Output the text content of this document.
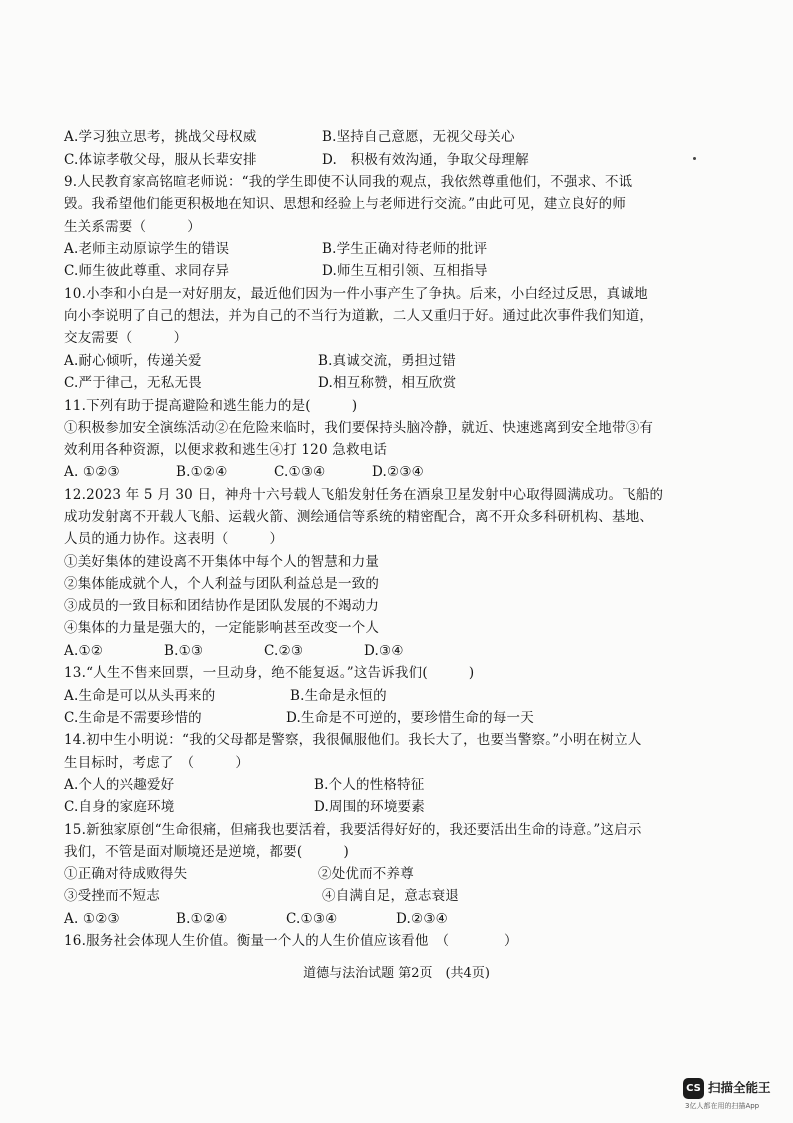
A.学习独立思考，挑战父母权威	B.坚持自己意愿，无视父母关心
C.体谅孝敬父母，服从长辈安排	D.　积极有效沟通，争取父母理解
9.人民教育家高铭暄老师说：“我的学生即使不认同我的观点，我依然尊重他们，不强求、不诋
毁。我希望他们能更积极地在知识、思想和经验上与老师进行交流。”由此可见，建立良好的师
生关系需要（　　　）
A.老师主动原谅学生的错误	B.学生正确对待老师的批评
C.师生彼此尊重、求同存异	D.师生互相引领、互相指导
10.小李和小白是一对好朋友，最近他们因为一件小事产生了争执。后来，小白经过反思，真诚地
向小李说明了自己的想法，并为自己的不当行为道歉，二人又重归于好。通过此次事件我们知道，
交友需要（　　　）
A.耐心倾听，传递关爱	B.真诚交流，勇担过错
C.严于律己，无私无畏	D.相互称赞，相互欣赏
11.下列有助于提高避险和逃生能力的是(　　　)
①积极参加安全演练活动②在危险来临时，我们要保持头脑冷静，就近、快速逃离到安全地带③有
效利用各种资源，以便求救和逃生④打 120 急救电话
A. ①②③	B.①②④	C.①③④	D.②③④
12.2023 年 5 月 30 日，神舟十六号载人飞船发射任务在酒泉卫星发射中心取得圆满成功。飞船的
成功发射离不开载人飞船、运载火箭、测绘通信等系统的精密配合，离不开众多科研机构、基地、
人员的通力协作。这表明（　　　）
①美好集体的建设离不开集体中每个人的智慧和力量
②集体能成就个人，个人利益与团队利益总是一致的
③成员的一致目标和团结协作是团队发展的不竭动力
④集体的力量是强大的，一定能影响甚至改变一个人
A.①②	B.①③	C.②③	D.③④
13.“人生不售来回票，一旦动身，绝不能复返。”这告诉我们(　　　)
A.生命是可以从头再来的	B.生命是永恒的
C.生命是不需要珍惜的	D.生命是不可逆的，要珍惜生命的每一天
14.初中生小明说：“我的父母都是警察，我很佩服他们。我长大了，也要当警察。”小明在树立人
生目标时，考虑了　（　　　）
A.个人的兴趣爱好	B.个人的性格特征
C.自身的家庭环境	D.周围的环境要素
15.新独家原创“生命很痛，但痛我也要活着，我要活得好好的，我还要活出生命的诗意。”这启示
我们，不管是面对顺境还是逆境，都要(　　　)
①正确对待成败得失	②处优而不养尊
③受挫而不短志	④自满自足，意志衰退
A. ①②③	B.①②④	C.①③④	D.②③④
16.服务社会体现人生价值。衡量一个人的人生价值应该看他　（　　　　）
道德与法治试题 第2页　(共4页)
CS 扫描全能王
3亿人都在用的扫描App
